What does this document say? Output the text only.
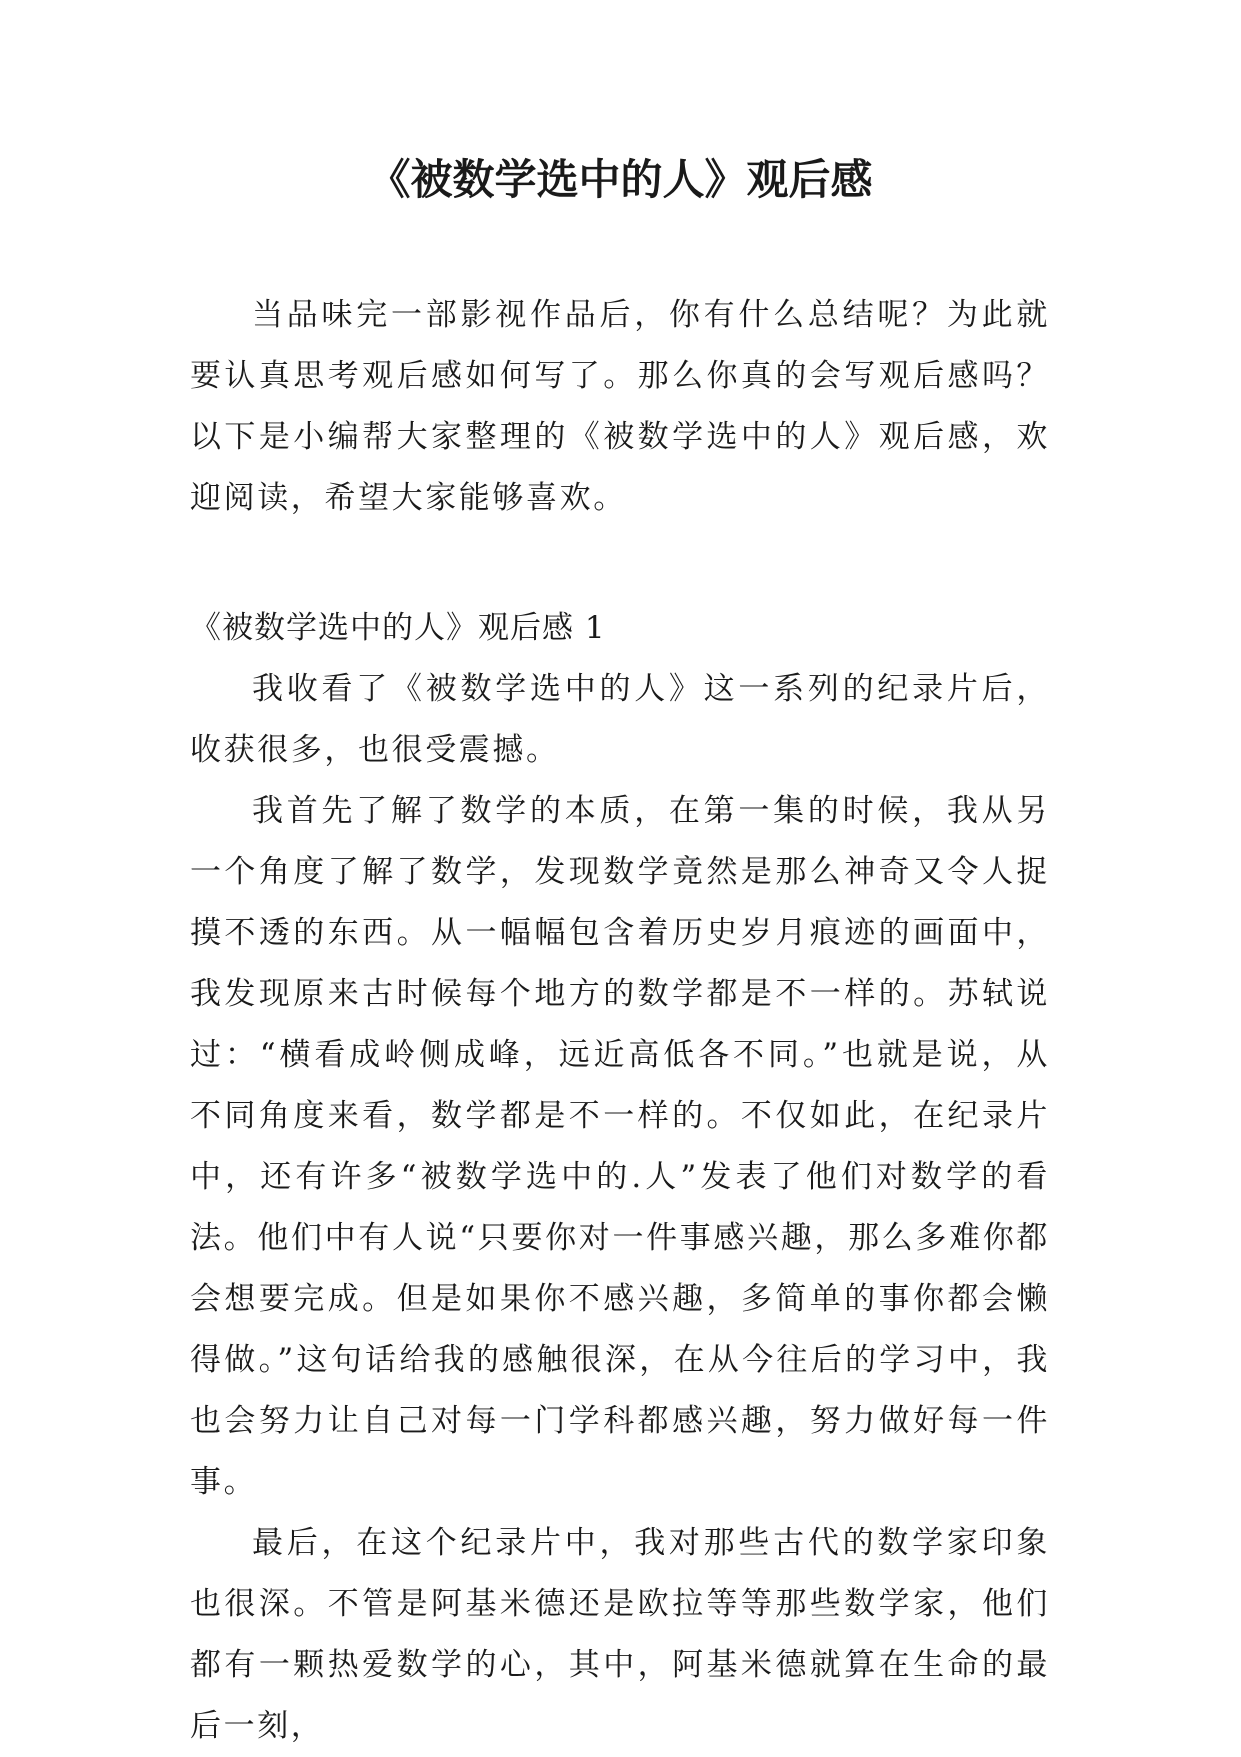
《被数学选中的人》观后感

当品味完一部影视作品后，你有什么总结呢？为此就要认真思考观后感如何写了。那么你真的会写观后感吗？以下是小编帮大家整理的《被数学选中的人》观后感，欢迎阅读，希望大家能够喜欢。

《被数学选中的人》观后感 1

我收看了《被数学选中的人》这一系列的纪录片后，收获很多，也很受震撼。

我首先了解了数学的本质，在第一集的时候，我从另一个角度了解了数学，发现数学竟然是那么神奇又令人捉摸不透的东西。从一幅幅包含着历史岁月痕迹的画面中，我发现原来古时候每个地方的数学都是不一样的。苏轼说过：“横看成岭侧成峰，远近高低各不同。”也就是说，从不同角度来看，数学都是不一样的。不仅如此，在纪录片中，还有许多“被数学选中的.人”发表了他们对数学的看法。他们中有人说“只要你对一件事感兴趣，那么多难你都会想要完成。但是如果你不感兴趣，多简单的事你都会懒得做。”这句话给我的感触很深，在从今往后的学习中，我也会努力让自己对每一门学科都感兴趣，努力做好每一件事。

最后，在这个纪录片中，我对那些古代的数学家印象也很深。不管是阿基米德还是欧拉等等那些数学家，他们都有一颗热爱数学的心，其中，阿基米德就算在生命的最后一刻，
